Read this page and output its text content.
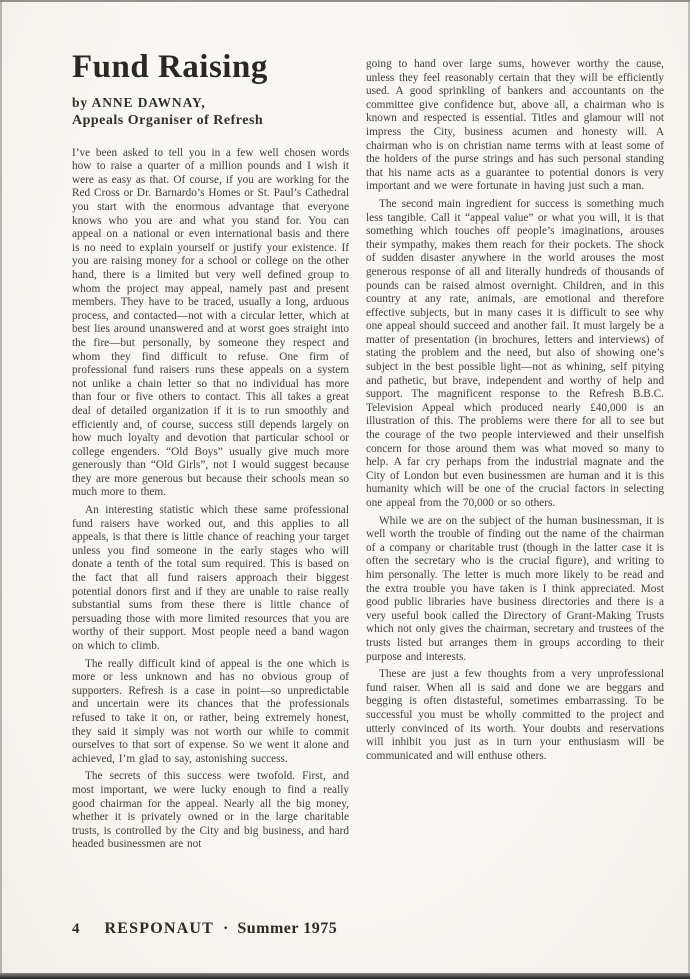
Fund Raising

by ANNE DAWNAY,

Appeals Organiser of Refresh

I’ve been asked to tell you in a few well chosen words how to raise a quarter of a million pounds and I wish it were as easy as that. Of course, if you are working for the Red Cross or Dr. Barnardo’s Homes or St. Paul’s Cathedral you start with the enormous advantage that everyone knows who you are and what you stand for. You can appeal on a national or even international basis and there is no need to explain yourself or justify your existence. If you are raising money for a school or college on the other hand, there is a limited but very well defined group to whom the project may appeal, namely past and present members. They have to be traced, usually a long, arduous process, and contacted—not with a circular letter, which at best lies around unanswered and at worst goes straight into the fire—but personally, by someone they respect and whom they find difficult to refuse. One firm of professional fund raisers runs these appeals on a system not unlike a chain letter so that no individual has more than four or five others to contact. This all takes a great deal of detailed organization if it is to run smoothly and efficiently and, of course, success still depends largely on how much loyalty and devotion that particular school or college engenders. “Old Boys” usually give much more generously than “Old Girls”, not I would suggest because they are more generous but because their schools mean so much more to them.

An interesting statistic which these same professional fund raisers have worked out, and this applies to all appeals, is that there is little chance of reaching your target unless you find someone in the early stages who will donate a tenth of the total sum required. This is based on the fact that all fund raisers approach their biggest potential donors first and if they are unable to raise really substantial sums from these there is little chance of persuading those with more limited resources that you are worthy of their support. Most people need a band wagon on which to climb.

The really difficult kind of appeal is the one which is more or less unknown and has no obvious group of supporters. Refresh is a case in point—so unpredictable and uncertain were its chances that the professionals refused to take it on, or rather, being extremely honest, they said it simply was not worth our while to commit ourselves to that sort of expense. So we went it alone and achieved, I’m glad to say, astonishing success.

The secrets of this success were twofold. First, and most important, we were lucky enough to find a really good chairman for the appeal. Nearly all the big money, whether it is privately owned or in the large charitable trusts, is controlled by the City and big business, and hard headed businessmen are not

going to hand over large sums, however worthy the cause, unless they feel reasonably certain that they will be efficiently used. A good sprinkling of bankers and accountants on the committee give confidence but, above all, a chairman who is known and respected is essential. Titles and glamour will not impress the City, business acumen and honesty will. A chairman who is on christian name terms with at least some of the holders of the purse strings and has such personal standing that his name acts as a guarantee to potential donors is very important and we were fortunate in having just such a man.

The second main ingredient for success is something much less tangible. Call it “appeal value” or what you will, it is that something which touches off people’s imaginations, arouses their sympathy, makes them reach for their pockets. The shock of sudden disaster anywhere in the world arouses the most generous response of all and literally hundreds of thousands of pounds can be raised almost overnight. Children, and in this country at any rate, animals, are emotional and therefore effective subjects, but in many cases it is difficult to see why one appeal should succeed and another fail. It must largely be a matter of presentation (in brochures, letters and interviews) of stating the problem and the need, but also of showing one’s subject in the best possible light—not as whining, self pitying and pathetic, but brave, independent and worthy of help and support. The magnificent response to the Refresh B.B.C. Television Appeal which produced nearly £40,000 is an illustration of this. The problems were there for all to see but the courage of the two people interviewed and their unselfish concern for those around them was what moved so many to help. A far cry perhaps from the industrial magnate and the City of London but even businessmen are human and it is this humanity which will be one of the crucial factors in selecting one appeal from the 70,000 or so others.

While we are on the subject of the human businessman, it is well worth the trouble of finding out the name of the chairman of a company or charitable trust (though in the latter case it is often the secretary who is the crucial figure), and writing to him personally. The letter is much more likely to be read and the extra trouble you have taken is I think appreciated. Most good public libraries have business directories and there is a very useful book called the Directory of Grant-Making Trusts which not only gives the chairman, secretary and trustees of the trusts listed but arranges them in groups according to their purpose and interests.

These are just a few thoughts from a very unprofessional fund raiser. When all is said and done we are beggars and begging is often distasteful, sometimes embarrassing. To be successful you must be wholly committed to the project and utterly convinced of its worth. Your doubts and reservations will inhibit you just as in turn your enthusiasm will be communicated and will enthuse others.

4 RESPONAUT · Summer 1975
